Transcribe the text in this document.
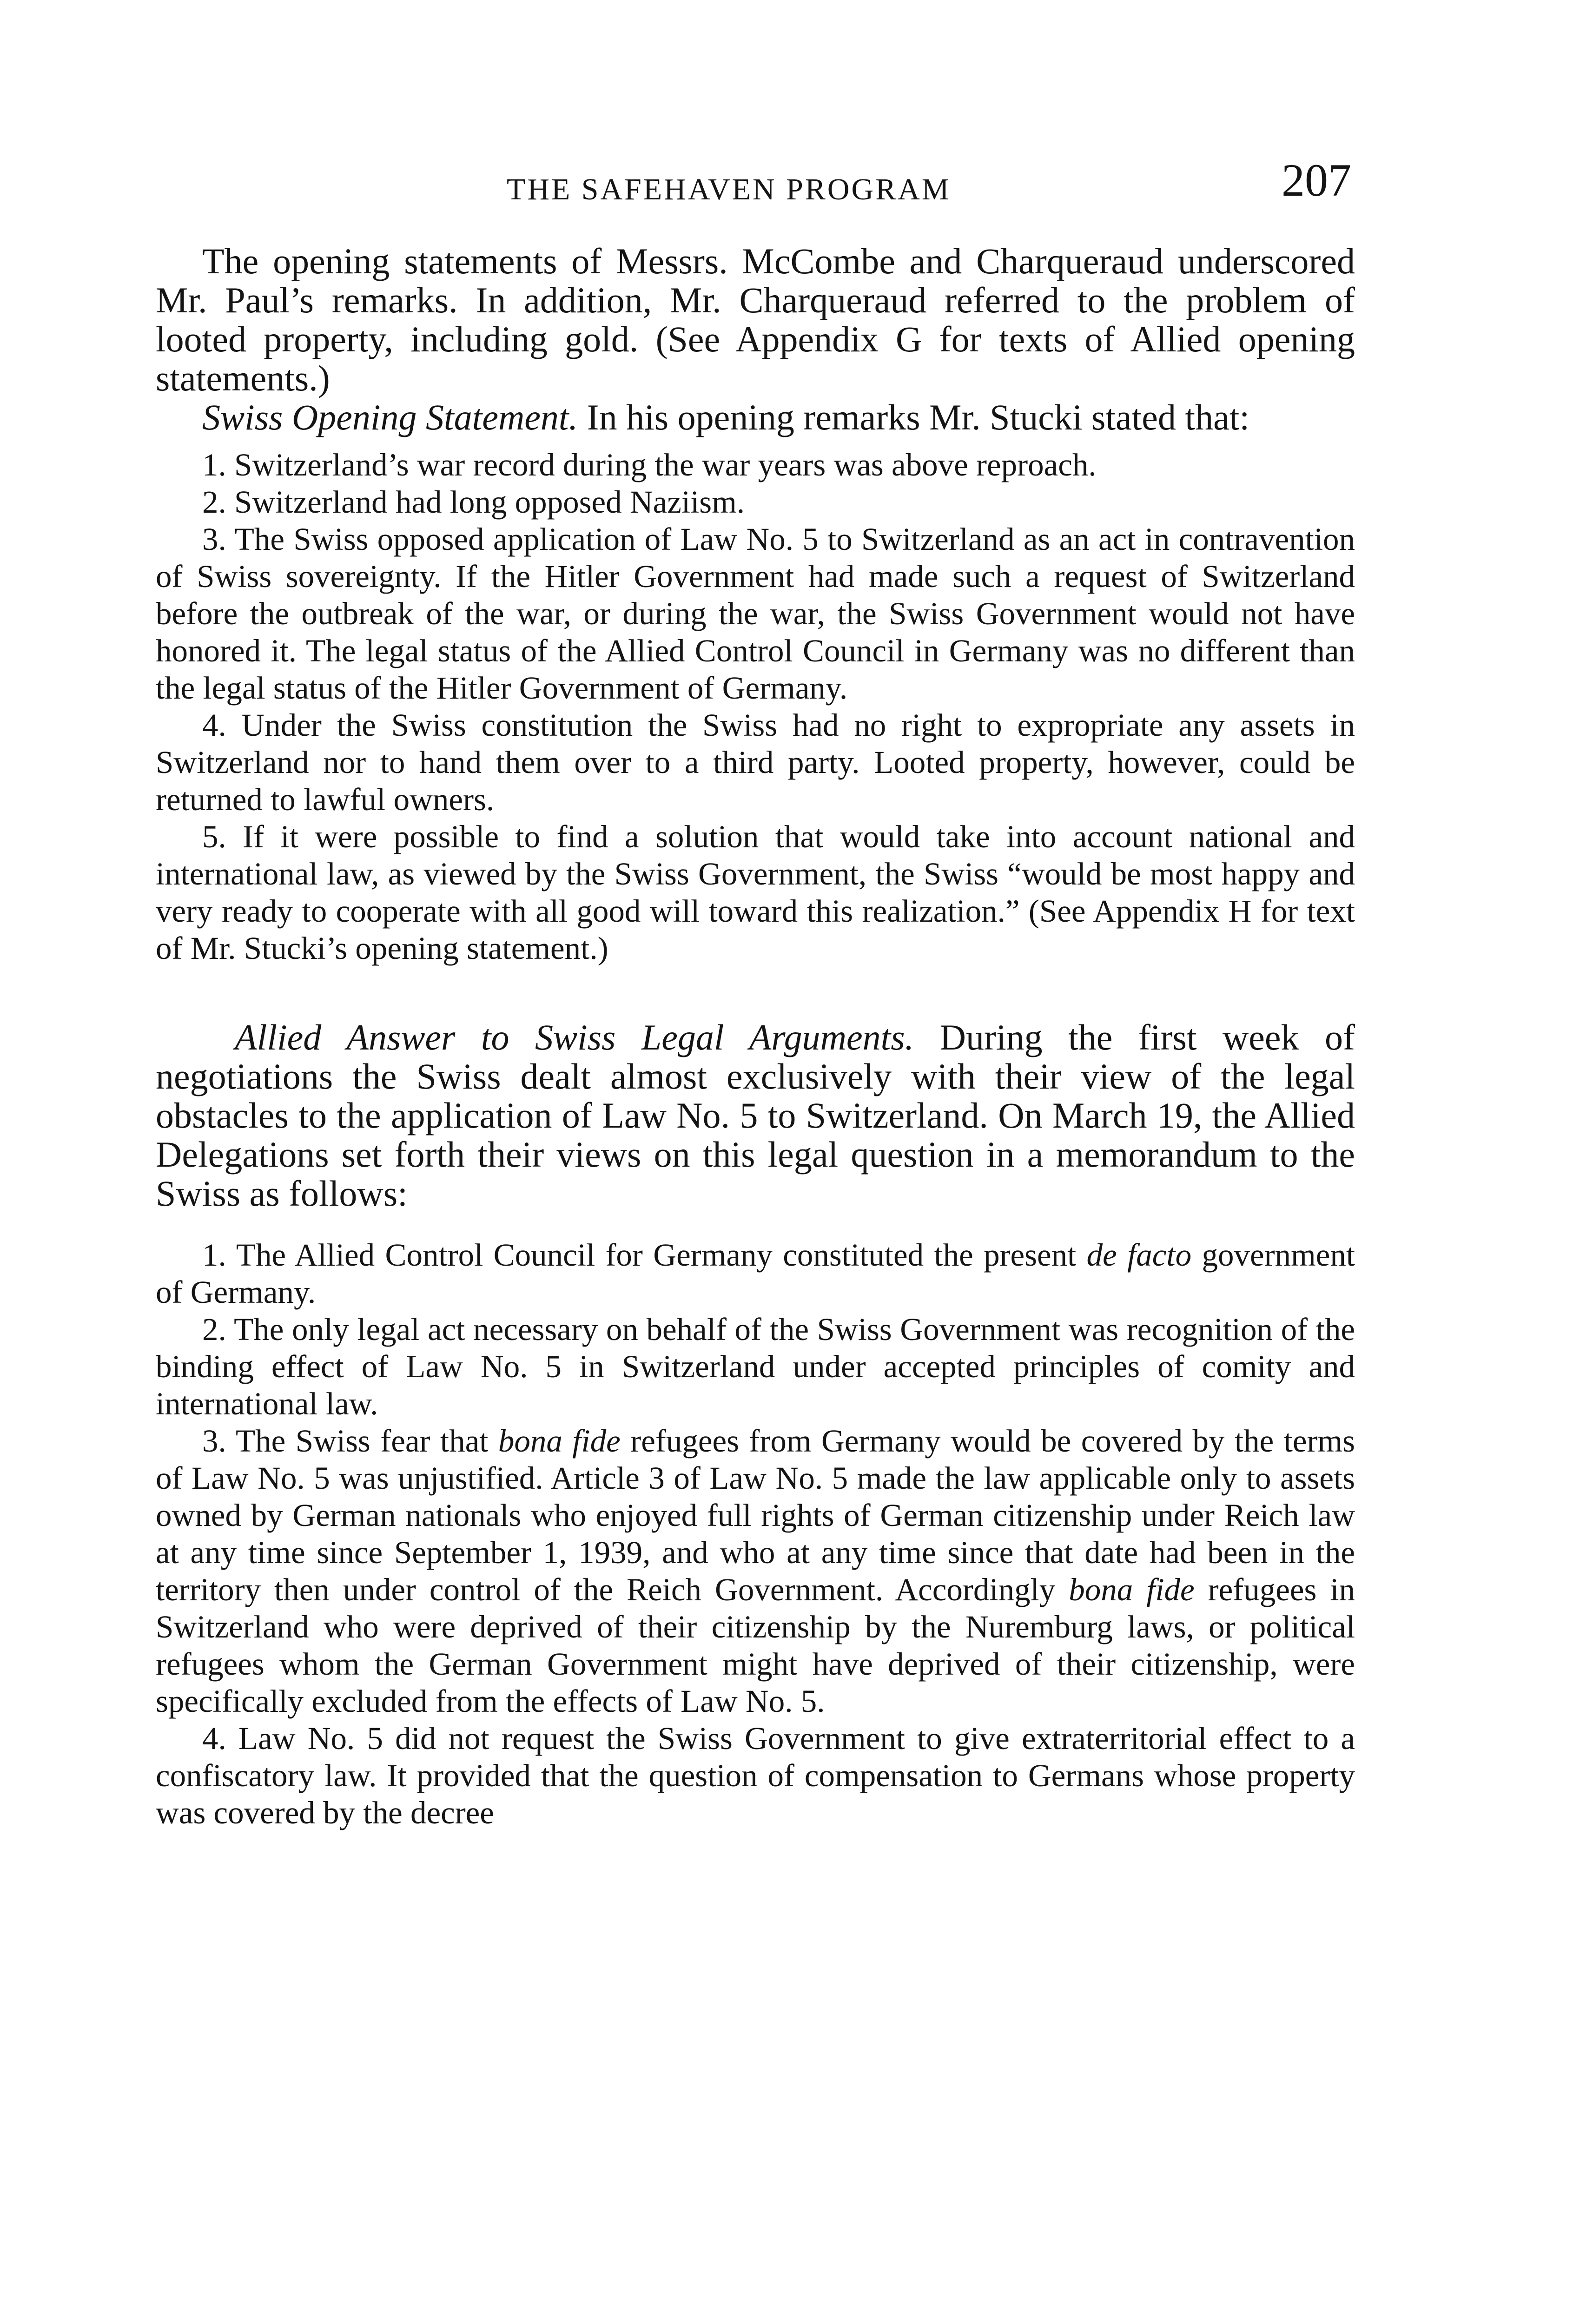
THE SAFEHAVEN PROGRAM	207

The opening statements of Messrs. McCombe and Charqueraud underscored Mr. Paul’s remarks. In addition, Mr. Charqueraud referred to the problem of looted property, including gold. (See Appendix G for texts of Allied opening statements.)

Swiss Opening Statement. In his opening remarks Mr. Stucki stated that:

1. Switzerland’s war record during the war years was above reproach.

2. Switzerland had long opposed Naziism.

3. The Swiss opposed application of Law No. 5 to Switzerland as an act in contravention of Swiss sovereignty. If the Hitler Government had made such a request of Switzerland before the outbreak of the war, or during the war, the Swiss Government would not have honored it. The legal status of the Allied Control Council in Germany was no different than the legal status of the Hitler Government of Germany.

4. Under the Swiss constitution the Swiss had no right to expropriate any assets in Switzerland nor to hand them over to a third party. Looted property, however, could be returned to lawful owners.

5. If it were possible to find a solution that would take into account national and international law, as viewed by the Swiss Government, the Swiss “would be most happy and very ready to cooperate with all good will toward this realization.” (See Appendix H for text of Mr. Stucki’s opening statement.)

Allied Answer to Swiss Legal Arguments. During the first week of negotiations the Swiss dealt almost exclusively with their view of the legal obstacles to the application of Law No. 5 to Switzerland. On March 19, the Allied Delegations set forth their views on this legal question in a memorandum to the Swiss as follows:

1. The Allied Control Council for Germany constituted the present de facto government of Germany.

2. The only legal act necessary on behalf of the Swiss Government was recognition of the binding effect of Law No. 5 in Switzerland under accepted principles of comity and international law.

3. The Swiss fear that bona fide refugees from Germany would be covered by the terms of Law No. 5 was unjustified. Article 3 of Law No. 5 made the law applicable only to assets owned by German nationals who enjoyed full rights of German citizenship under Reich law at any time since September 1, 1939, and who at any time since that date had been in the territory then under control of the Reich Government. Accordingly bona fide refugees in Switzerland who were deprived of their citizenship by the Nuremburg laws, or political refugees whom the German Government might have deprived of their citizenship, were specifically excluded from the effects of Law No. 5.

4. Law No. 5 did not request the Swiss Government to give extraterritorial effect to a confiscatory law. It provided that the question of compensation to Germans whose property was covered by the decree
